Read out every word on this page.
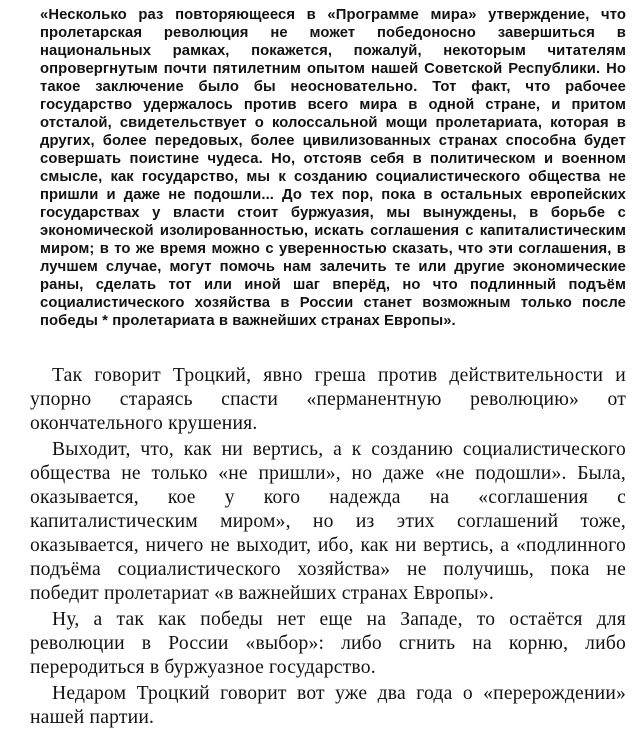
«Несколько раз повторяющееся в «Программе мира» утверждение, что пролетарская революция не может победоносно завершиться в национальных рамках, покажется, пожалуй, некоторым читателям опровергнутым почти пятилетним опытом нашей Советской Республики. Но такое заключение было бы неосновательно. Тот факт, что рабочее государство удержалось против всего мира в одной стране, и притом отсталой, свидетельствует о колоссальной мощи пролетариата, которая в других, более передовых, более цивилизованных странах способна будет совершать поистине чудеса. Но, отстояв себя в политическом и военном смысле, как государство, мы к созданию социалистического общества не пришли и даже не подошли... До тех пор, пока в остальных европейских государствах у власти стоит буржуазия, мы вынуждены, в борьбе с экономической изолированностью, искать соглашения с капиталистическим миром; в то же время можно с уверенностью сказать, что эти соглашения, в лучшем случае, могут помочь нам залечить те или другие экономические раны, сделать тот или иной шаг вперёд, но что подлинный подъём социалистического хозяйства в России станет возможным только после победы * пролетариата в важнейших странах Европы».

Так говорит Троцкий, явно греша против действительности и упорно стараясь спасти «перманентную революцию» от окончательного крушения.

Выходит, что, как ни вертись, а к созданию социалистического общества не только «не пришли», но даже «не подошли». Была, оказывается, кое у кого надежда на «соглашения с капиталистическим миром», но из этих соглашений тоже, оказывается, ничего не выходит, ибо, как ни вертись, а «подлинного подъёма социалистического хозяйства» не получишь, пока не победит пролетариат «в важнейших странах Европы».

Ну, а так как победы нет еще на Западе, то остаётся для революции в России «выбор»: либо сгнить на корню, либо переродиться в буржуазное государство.

Недаром Троцкий говорит вот уже два года о «перерождении» нашей партии.
